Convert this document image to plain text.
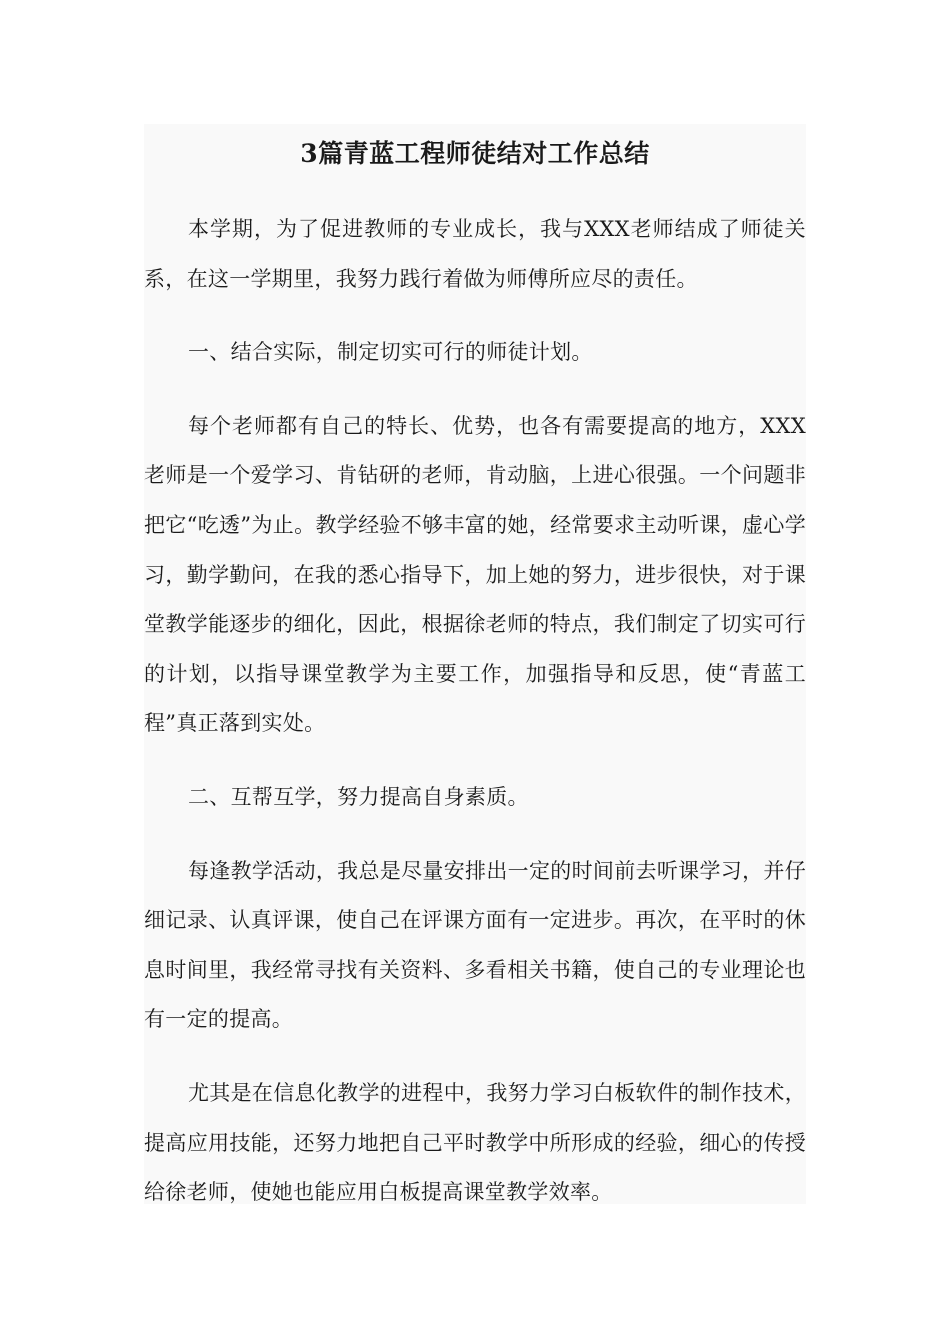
3篇青蓝工程师徒结对工作总结

本学期，为了促进教师的专业成长，我与XXX老师结成了师徒关系，在这一学期里，我努力践行着做为师傅所应尽的责任。

一、结合实际，制定切实可行的师徒计划。

每个老师都有自己的特长、优势，也各有需要提高的地方，XXX老师是一个爱学习、肯钻研的老师，肯动脑，上进心很强。一个问题非把它“吃透”为止。教学经验不够丰富的她，经常要求主动听课，虚心学习，勤学勤问，在我的悉心指导下，加上她的努力，进步很快，对于课堂教学能逐步的细化，因此，根据徐老师的特点，我们制定了切实可行的计划，以指导课堂教学为主要工作，加强指导和反思，使“青蓝工程”真正落到实处。

二、互帮互学，努力提高自身素质。

每逢教学活动，我总是尽量安排出一定的时间前去听课学习，并仔细记录、认真评课，使自己在评课方面有一定进步。再次，在平时的休息时间里，我经常寻找有关资料、多看相关书籍，使自己的专业理论也有一定的提高。

尤其是在信息化教学的进程中，我努力学习白板软件的制作技术，提高应用技能，还努力地把自己平时教学中所形成的经验，细心的传授给徐老师，使她也能应用白板提高课堂教学效率。
